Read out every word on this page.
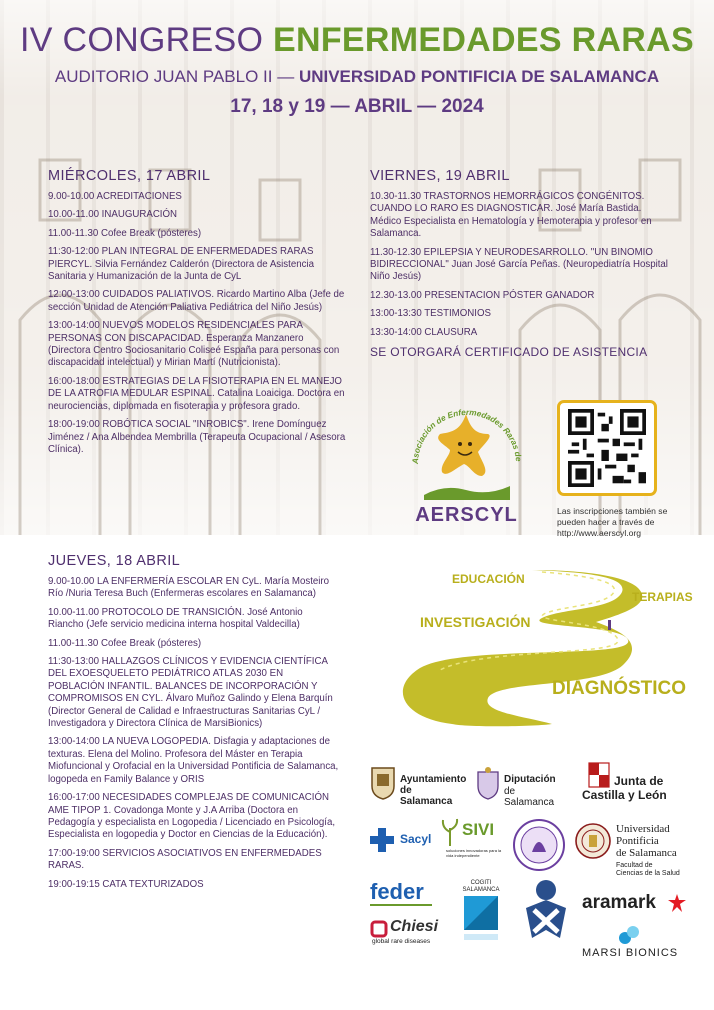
IV CONGRESO ENFERMEDADES RARAS
AUDITORIO JUAN PABLO II — UNIVERSIDAD PONTIFICIA DE SALAMANCA
17, 18 y 19 — ABRIL — 2024
MIÉRCOLES, 17 ABRIL
9.00-10.00 ACREDITACIONES
10.00-11.00 INAUGURACIÓN
11.00-11.30 Cofee Break (pósteres)
11:30-12:00 PLAN INTEGRAL DE ENFERMEDADES RARAS PIERCYL. Silvia Fernández Calderón (Directora de Asistencia Sanitaria y Humanización de la Junta de CyL
12:00-13:00 CUIDADOS PALIATIVOS. Ricardo Martino Alba (Jefe de sección Unidad de Atención Paliativa Pediátrica del Niño Jesús)
13:00-14:00 NUEVOS MODELOS RESIDENCIALES PARA PERSONAS CON DISCAPACIDAD. Esperanza Manzanero (Directora Centro Sociosanitario Coliseé España para personas con discapacidad intelectual) y Mirian Martí (Nutricionista).
16:00-18:00 ESTRATEGIAS DE LA FISIOTERAPIA EN EL MANEJO DE LA ATROFIA MEDULAR ESPINAL. Catalina Loaiciga. Doctora en neurociencias, diplomada en fisoterapia y profesora grado.
18:00-19:00 ROBÓTICA SOCIAL "INROBICS". Irene Domínguez Jiménez / Ana Albendea Membrilla (Terapeuta Ocupacional / Asesora Clínica).
VIERNES, 19 ABRIL
10.30-11.30 TRASTORNOS HEMORRÁGICOS CONGÉNITOS. CUANDO LO RARO ES DIAGNOSTICAR. José María Bastida. Médico Especialista en Hematología y Hemoterapia y profesor en Salamanca.
11.30-12.30 EPILEPSIA Y NEURODESARROLLO. "UN BINOMIO BIDIRECCIONAL" Juan José García Peñas. (Neuropediatría Hospital Niño Jesús)
12.30-13.00 PRESENTACION PÓSTER GANADOR
13:00-13:30 TESTIMONIOS
13:30-14:00 CLAUSURA
SE OTORGARÁ CERTIFICADO DE ASISTENCIA
Asociación de Enfermedades Raras de
AERSCYL	Las inscripciones también se pueden hacer a través de http://www.aerscyl.org
JUEVES, 18 ABRIL
9.00-10.00 LA ENFERMERÍA ESCOLAR EN CyL. María Mosteiro Río /Nuria Teresa Buch (Enfermeras escolares en Salamanca)
10.00-11.00 PROTOCOLO DE TRANSICIÓN. José Antonio Riancho (Jefe servicio medicina interna hospital Valdecilla)
11.00-11.30 Cofee Break (pósteres)
11:30-13:00 HALLAZGOS CLÍNICOS Y EVIDENCIA CIENTÍFICA DEL EXOESQUELETO PEDIÁTRICO ATLAS 2030 EN POBLACIÓN INFANTIL. BALANCES DE INCORPORACIÓN Y COMPROMISOS EN CYL. Álvaro Muñoz Galindo y Elena Barquín (Director General de Calidad e Infraestructuras Sanitarias CyL / Investigadora y Directora Clínica de MarsiBionics)
13:00-14:00 LA NUEVA LOGOPEDIA. Disfagia y adaptaciones de texturas. Elena del Molino. Profesora del Máster en Terapia Miofuncional y Orofacial en la Universidad Pontificia de Salamanca, logopeda en Family Balance y ORIS
16:00-17:00 NECESIDADES COMPLEJAS DE COMUNICACIÓN AME TIPOP 1. Covadonga Monte y J.A Arriba (Doctora en Pedagogía y especialista en Logopedia / Licenciado en Psicología, Especialista en logopedia y Doctor en Ciencias de la Educación).
17:00-19:00 SERVICIOS ASOCIATIVOS EN ENFERMEDADES RARAS.
19:00-19:15 CATA TEXTURIZADOS
EDUCACIÓN
TERAPIAS
INVESTIGACIÓN
DIAGNÓSTICO
Ayuntamiento de Salamanca
Diputación
de Salamanca
Junta de
Castilla y León
Sacyl SIVI
soluciones innovadoras para la vida independiente
Universidad
Pontificia
de Salamanca
Facultad de
Ciencias de la Salud
feder	COGITI SALAMANCA
aramark
Chiesi
global rare diseases
MARSI BIONICS
